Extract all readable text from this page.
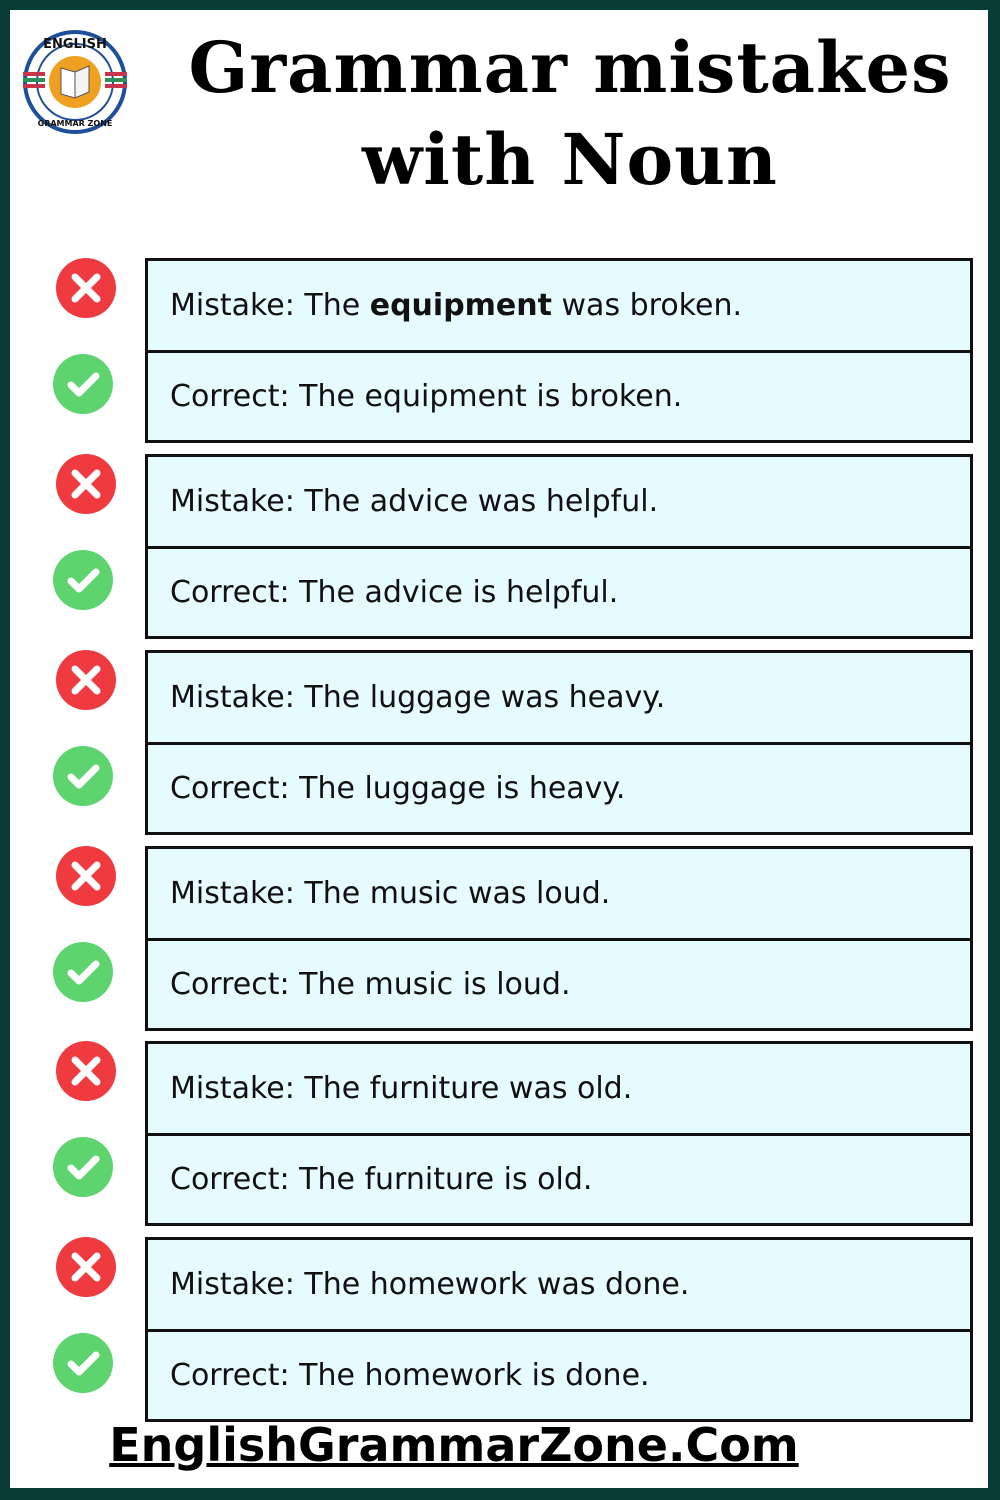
ENGLISH
GRAMMAR ZONE
Grammar mistakes
with Noun
Mistake: The equipment was broken.
Correct: The equipment is broken.
Mistake: The advice was helpful.
Correct: The advice is helpful.
Mistake: The luggage was heavy.
Correct: The luggage is heavy.
Mistake: The music was loud.
Correct: The music is loud.
Mistake: The furniture was old.
Correct: The furniture is old.
Mistake: The homework was done.
Correct: The homework is done.
EnglishGrammarZone.Com
